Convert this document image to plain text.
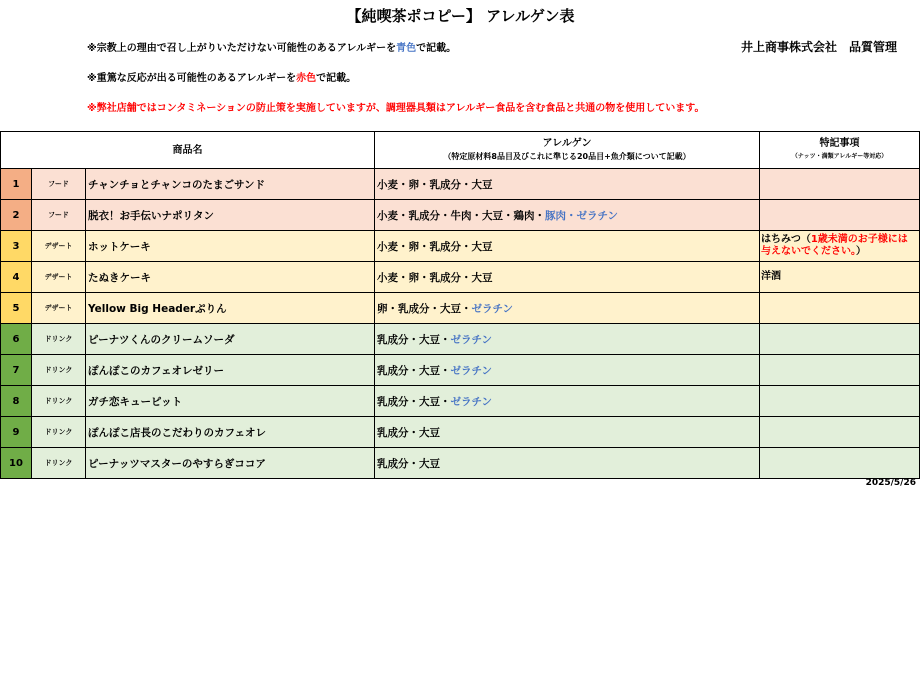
【純喫茶ポコピー】 アレルゲン表
※宗教上の理由で召し上がりいただけない可能性のあるアレルギーを青色で記載。	井上商事株式会社　品質管理
※重篤な反応が出る可能性のあるアレルギーを赤色で記載。
※弊社店舗ではコンタミネーションの防止策を実施していますが、調理器具類はアレルギー食品を含む食品と共通の物を使用しています。
商品名			アレルゲン
（特定原材料8品目及びこれに準じる20品目+魚介類について記載）	特記事項
（ナッツ・満類アレルギー等対応）

1	フード	チャンチョとチャンコのたまごサンド	小麦・卵・乳成分・大豆	
2	フード	脱衣！お手伝いナポリタン	小麦・乳成分・牛肉・大豆・鶏肉・豚肉・ゼラチン	
3	デザート	ホットケーキ	小麦・卵・乳成分・大豆	はちみつ（1歳未満のお子様には与えないでください。）
4	デザート	たぬきケーキ	小麦・卵・乳成分・大豆	洋酒
5	デザート	Yellow Big Headerぷりん	卵・乳成分・大豆・ゼラチン	
6	ドリンク	ピーナツくんのクリームソーダ	乳成分・大豆・ゼラチン	
7	ドリンク	ぽんぽこのカフェオレゼリー	乳成分・大豆・ゼラチン	
8	ドリンク	ガチ恋キューピット	乳成分・大豆・ゼラチン	
9	ドリンク	ぽんぽこ店長のこだわりのカフェオレ	乳成分・大豆	
10	ドリンク	ピーナッツマスターのやすらぎココア	乳成分・大豆	
2025/5/26
